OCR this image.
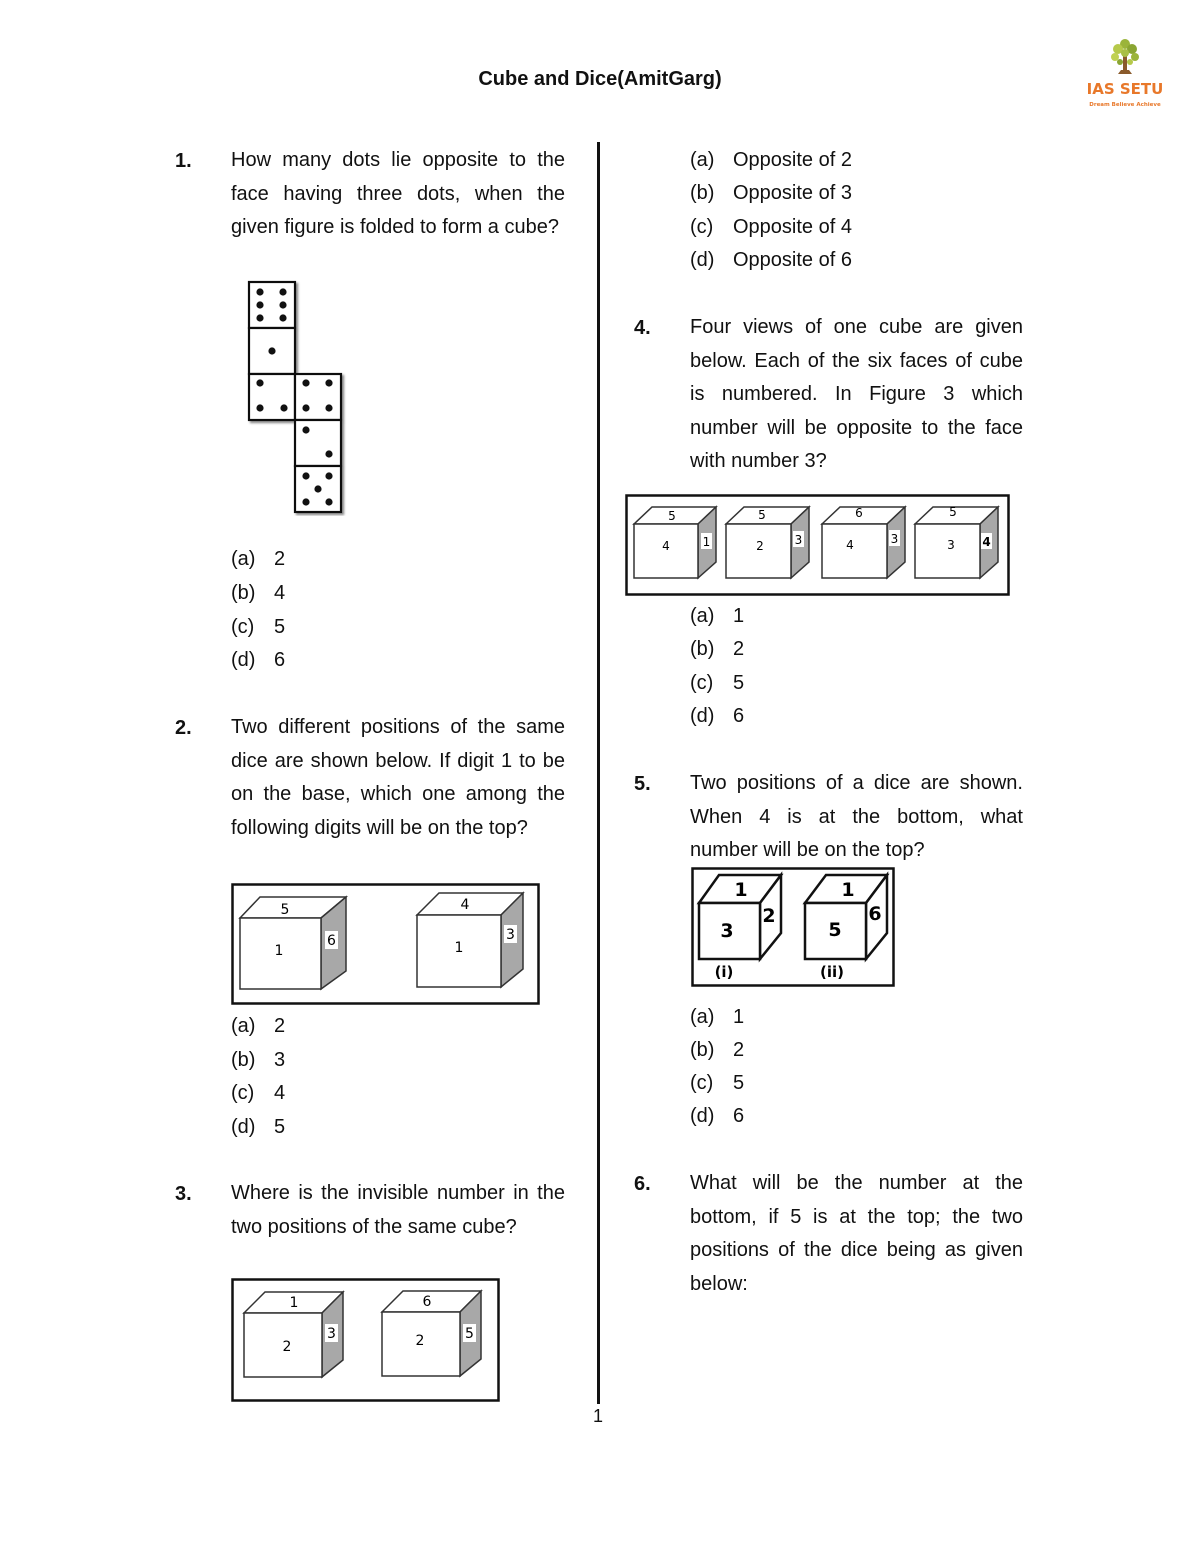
Cube and Dice(AmitGarg)	IAS SETU
Dream Believe Achieve
1
1. How many dots lie opposite to the face having three dots, when the given figure is folded to form a cube?
(a) 2
(b) 4
(c) 5
(d) 6
2. Two different positions of the same dice are shown below. If digit 1 to be on the base, which one among the following digits will be on the top?
5
1
6
4
1
3
(a) 2
(b) 3
(c) 4
(d) 5
3. Where is the invisible number in the two positions of the same cube?
1
2
3
6
2	5
(a) Opposite of 2
(b) Opposite of 3
(c) Opposite of 4
(d) Opposite of 6
4. Four views of one cube are given below. Each of the six faces of cube is numbered. In Figure 3 which number will be opposite to the face with number 3?
5
4	1
5
2	3
6
4	3
5
3 4
(a) 1
(b) 2
(c) 5
(d) 6
5. Two positions of a dice are shown. When 4 is at the bottom, what number will be on the top?
1
3
2
(i)
1
5
6
(ii)
(a) 1
(b) 2
(c) 5
(d) 6
6. What will be the number at the bottom, if 5 is at the top; the two positions of the dice being as given below:
